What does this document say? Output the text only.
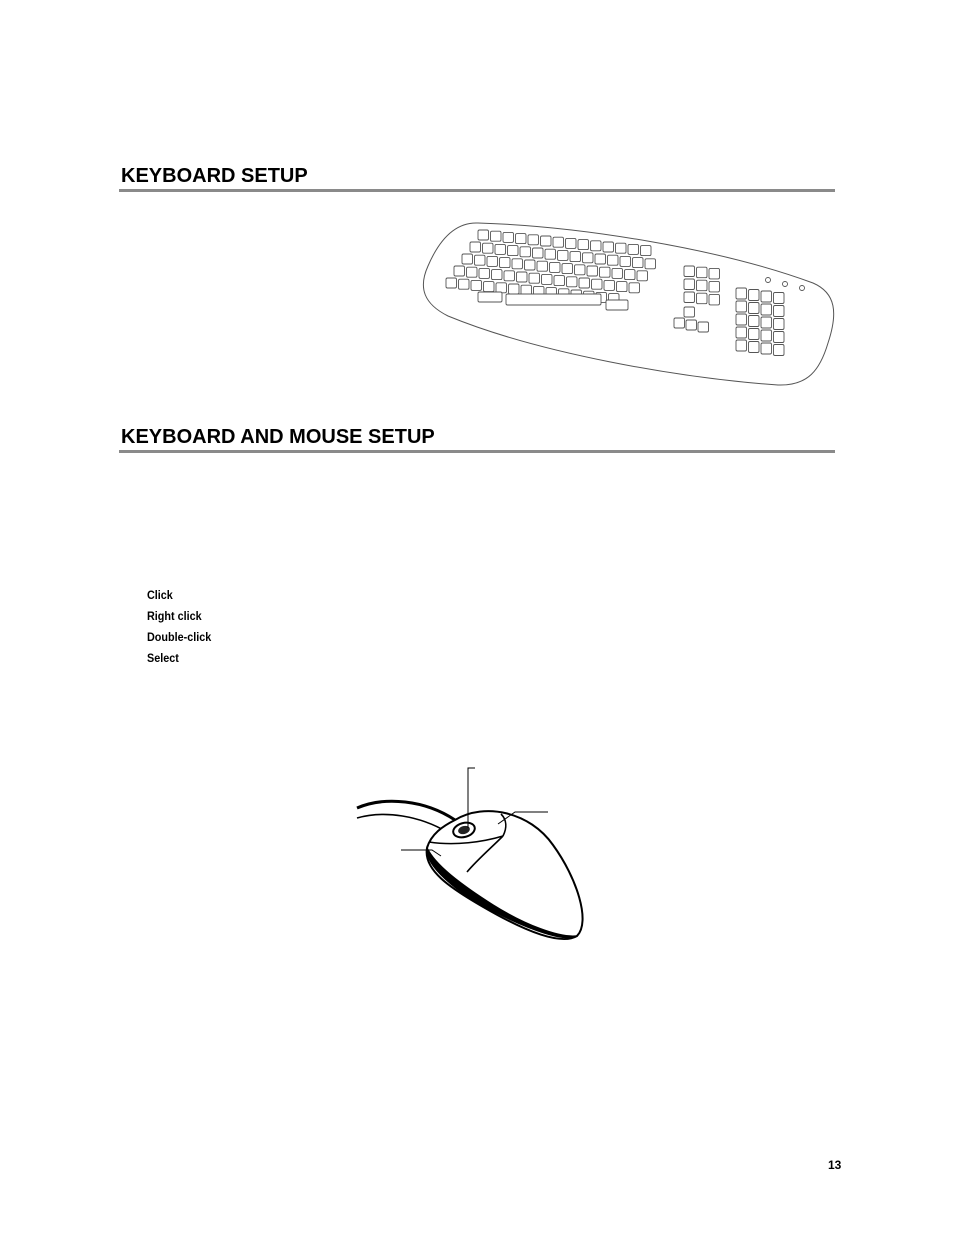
KEYBOARD SETUP
KEYBOARD AND MOUSE SETUP
Click
Right click
Double-click
Select
13
